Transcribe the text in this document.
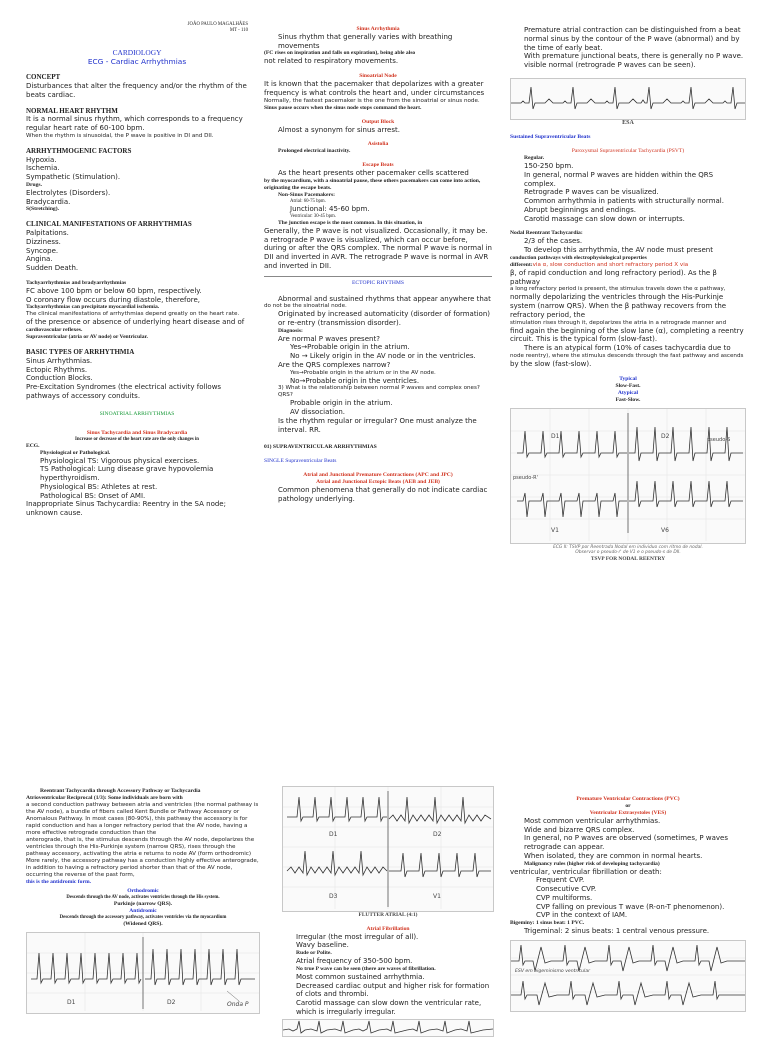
JOÃO PAULO MAGALHÃES
MT - 110
CARDIOLOGY
ECG - Cardiac Arrhythmias
CONCEPT
Disturbances that alter the frequency and/or the rhythm of the beats cardiac.
NORMAL HEART RHYTHM
It is a normal sinus rhythm, which corresponds to a frequency regular heart rate of 60-100 bpm.
When the rhythm is sinusoidal, the P wave is positive in DI and DII.
ARRHYTHMOGENIC FACTORS
Hypoxia.
Ischemia.
Sympathetic (Stimulation).
Drugs.
Electrolytes (Disorders).
Bradycardia.
S(Stretching).
CLINICAL MANIFESTATIONS OF ARRHYTHMIAS
Palpitations.
Dizziness.
Syncope.
Angina.
Sudden Death.
Tachyarrhythmias and bradyarrhythmias
FC above 100 bpm or below 60 bpm, respectively.
O coronary flow occurs during diastole, therefore,
Tachyarrhythmias can precipitate myocardial ischemia.
The clinical manifestations of arrhythmias depend greatly on the heart rate.
of the presence or absence of underlying heart disease and of
cardiovascular reflexes.
Supraventricular (atria or AV node) or Ventricular.
BASIC TYPES OF ARRHYTHMIA
Sinus Arrhythmias.
Ectopic Rhythms.
Conduction Blocks.
Pre-Excitation Syndromes (the electrical activity follows pathways of accessory conduits.
SINOATRIAL ARRHYTHMIAS
Sinus Tachycardia and Sinus Bradycardia
Increase or decrease of the heart rate are the only changes in
ECG.
Physiological or Pathological.
Physiological TS: Vigorous physical exercises.
TS Pathological: Lung disease grave hypovolemia hyperthyroidism.
Physiological BS: Athletes at rest.
Pathological BS: Onset of AMI.
Inappropriate Sinus Tachycardia: Reentry in the SA node; unknown cause.
Sinus Arrhythmia
Sinus rhythm that generally varies with breathing movements
(FC rises on inspiration and falls on expiration), being able also
not related to respiratory movements.
Sinoatrial Node
It is known that the pacemaker that depolarizes with a greater frequency is what controls the heart and, under circumstances
Normally, the fastest pacemaker is the one from the sinoatrial or sinus node.
Sinus pause occurs when the sinus node stops command the heart.
Output Block
Almost a synonym for sinus arrest.
Asistolia
Prolonged electrical inactivity.
Escape Beats
As the heart presents other pacemaker cells scattered
by the myocardium, with a sinoatrial pause, these others pacemakers can come into action, originating the escape beats.
Non-Sinus Pacemakers:
Atrial: 60-75 bpm.
Junctional: 45-60 bpm.
Ventricular: 30-45 bpm.
The junction escape is the most common. In this situation, in
Generally, the P wave is not visualized. Occasionally, it may be. a retrograde P wave is visualized, which can occur before, during or after the QRS complex. The normal P wave is normal in DII and inverted in AVR. The retrograde P wave is normal in AVR and inverted in DII.
ECTOPIC RHYTHMS
Abnormal and sustained rhythms that appear anywhere that
do not be the sinoatrial node.
Originated by increased automaticity (disorder of formation) or re-entry (transmission disorder).
Diagnosis:
Are normal P waves present?
Yes→Probable origin in the atrium.
No → Likely origin in the AV node or in the ventricles.
Are the QRS complexes narrow?
Yes→Probable origin in the atrium or in the AV node.
No→Probable origin in the ventricles.
3) What is the relationship between normal P waves and complex ones? QRS?
Probable origin in the atrium.
AV dissociation.
Is the rhythm regular or irregular? One must analyze the interval. RR.
01) SUPRAVENTRICULAR ARRHYTHMIAS
SINGLE Supraventricular Beats
Atrial and Junctional Premature Contractions (APC and JPC)
Atrial and Junctional Ectopic Beats (AEB and JEB)
Common phenomena that generally do not indicate cardiac pathology underlying.
Premature atrial contraction can be distinguished from a beat normal sinus by the contour of the P wave (abnormal) and by the time of early beat.
With premature junctional beats, there is generally no P wave. visible normal (retrograde P waves can be seen).
ESA
Sustained Supraventricular Beats
Paroxysmal Supraventricular Tachycardia (PSVT)
Regular.
150-250 bpm.
In general, normal P waves are hidden within the QRS complex.
Retrograde P waves can be visualized.
Common arrhythmia in patients with structurally normal.
Abrupt beginnings and endings.
Carotid massage can slow down or interrupts.
Nodal Reentrant Tachycardia:
2/3 of the cases.
To develop this arrhythmia, the AV node must present
conduction pathways with electrophysiological properties
different:via α, slow conduction and short refractory period X via
β, of rapid conduction and long refractory period). As the β pathway
a long refractory period is present, the stimulus travels down the α pathway,
normally depolarizing the ventricles through the His-Purkinje system (narrow QRS). When the β pathway recovers from the refractory period, the
stimulation rises through it, depolarizes the atria in a retrograde manner and
find again the beginning of the slow lane (α), completing a reentry circuit. This is the typical form (slow-fast).
There is an atypical form (10% of cases tachycardia due to
node reentry), where the stimulus descends through the fast pathway and ascends
by the slow (fast-slow).
Typical
Slow-Fast.
Atypical
Fast-Slow.
D1	D2
V1	V6
pseudo-R'
pseudo-S
ECG II: TSVP por Reentrada Nodal em individuo com ritmo de nodal.
Observar o pseudo-r' de V1 e o pseudo-s de DII.
TSVP FOR NODAL REENTRY
Reentrant Tachycardia through Accessory Pathway or Tachycardia
Atrioventricular Reciprocal (1/3): Some individuals are born with
a second conduction pathway between atria and ventricles (the normal pathway is the AV node), a bundle of fibers called Kent Bundle or Pathway Accessory or Anomalous Pathway. In most cases (80-90%), this pathway the accessory is for rapid conduction and has a longer refractory period that the AV node, having a more effective retrograde conduction than the
anterograde, that is, the stimulus descends through the AV node, depolarizes the ventricles through the His-Purkinje system (narrow QRS), rises through the pathway accessory, activating the atria e returns to node AV (form orthodromic) More rarely, the accessory pathway has a conduction highly effective anterograde, in addition to having a refractory period shorter than that of the AV node, occurring the reverse of the past form,
this is the antidromic form.
Orthodromic
Descends through the AV node, activates ventricles through the His system.
Purkinje (narrow QRS).
Antidromic
Descends through the accessory pathway, activates ventricles via the myocardium
(Widened QRS).
D1	D2	Onda P
D1	D2
D3	V1
FLUTTER ATRIAL (4:1)
Atrial Fibrillation
Irregular (the most irregular of all).
Wavy baseline.
Rude or Polite.
Atrial frequency of 350-500 bpm.
No true P wave can be seen (there are waves of fibrillation.
Most common sustained arrhythmia.
Decreased cardiac output and higher risk for formation of clots and thrombi.
Carotid massage can slow down the ventricular rate, which is irregularly irregular.
Premature Ventricular Contractions (PVC)
or
Ventricular Extrasystoles (VES)
Most common ventricular arrhythmias.
Wide and bizarre QRS complex.
In general, no P waves are observed (sometimes, P waves retrograde can appear.
When isolated, they are common in normal hearts.
Malignancy rules (higher risk of developing tachycardia)
ventricular, ventricular fibrillation or death:
Frequent CVP.
Consecutive CVP.
CVP multiforms.
CVP falling on previous T wave (R-on-T phenomenon).
CVP in the context of IAM.
Bigeminy: 1 sinus beat: 1 PVC.
Trigeminal: 2 sinus beats: 1 central venous pressure.
ESV em bigeminismo ventricular
